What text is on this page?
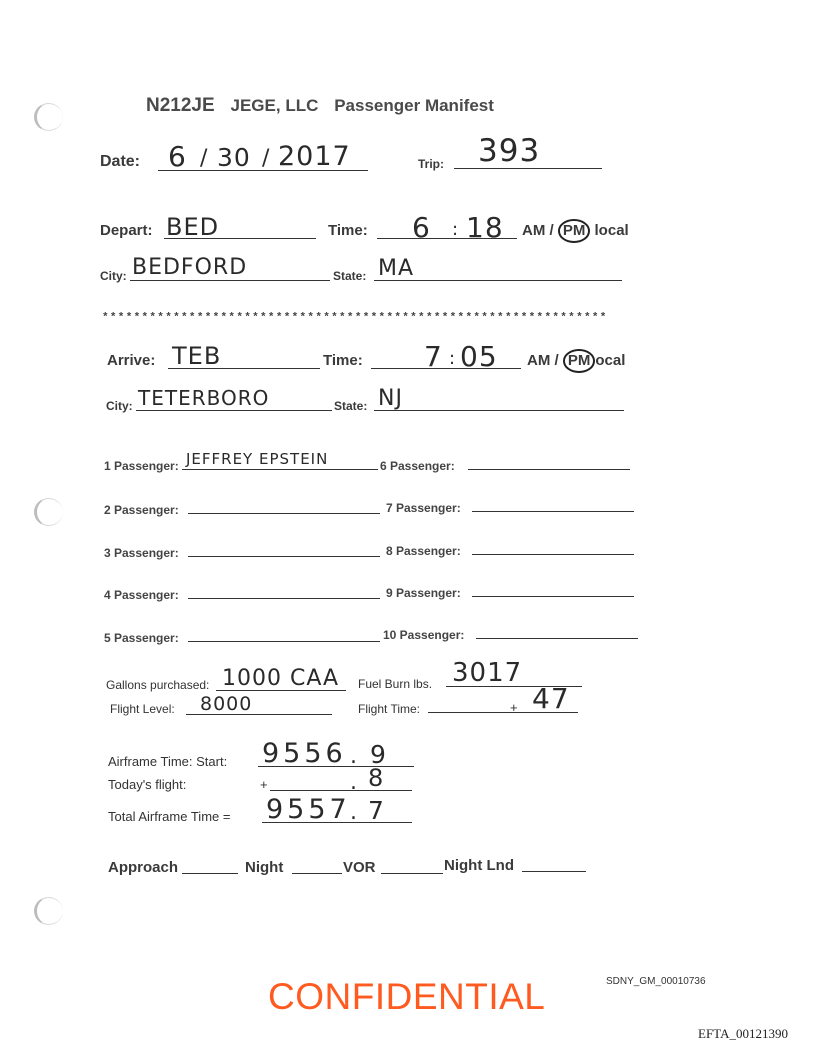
N212JE JEGE, LLC Passenger Manifest
Date: 6 / 30 / 2017	Trip: 393
Depart: BED	Time: 6 : 18 AM / PM local
City: BEDFORD	State: MA
****************************************************************
Arrive: TEB	Time: 7 : 05 AM / PM ocal
City: TETERBORO	State: NJ
1 Passenger: JEFFREY EPSTEIN	6 Passenger:
2 Passenger:	7 Passenger:
3 Passenger:	8 Passenger:
4 Passenger:	9 Passenger:
5 Passenger:	10 Passenger:
Gallons purchased: 1000 CAA Fuel Burn lbs. 3017
Flight Level: 8000	Flight Time:	+ 47
Airframe Time: Start: 9556 . 9
Today's flight:	+	. 8
Total Airframe Time = 9557 . 7
Approach	Night	VOR	Night Lnd
SDNY_GM_00010736
CONFIDENTIAL
EFTA_00121390
